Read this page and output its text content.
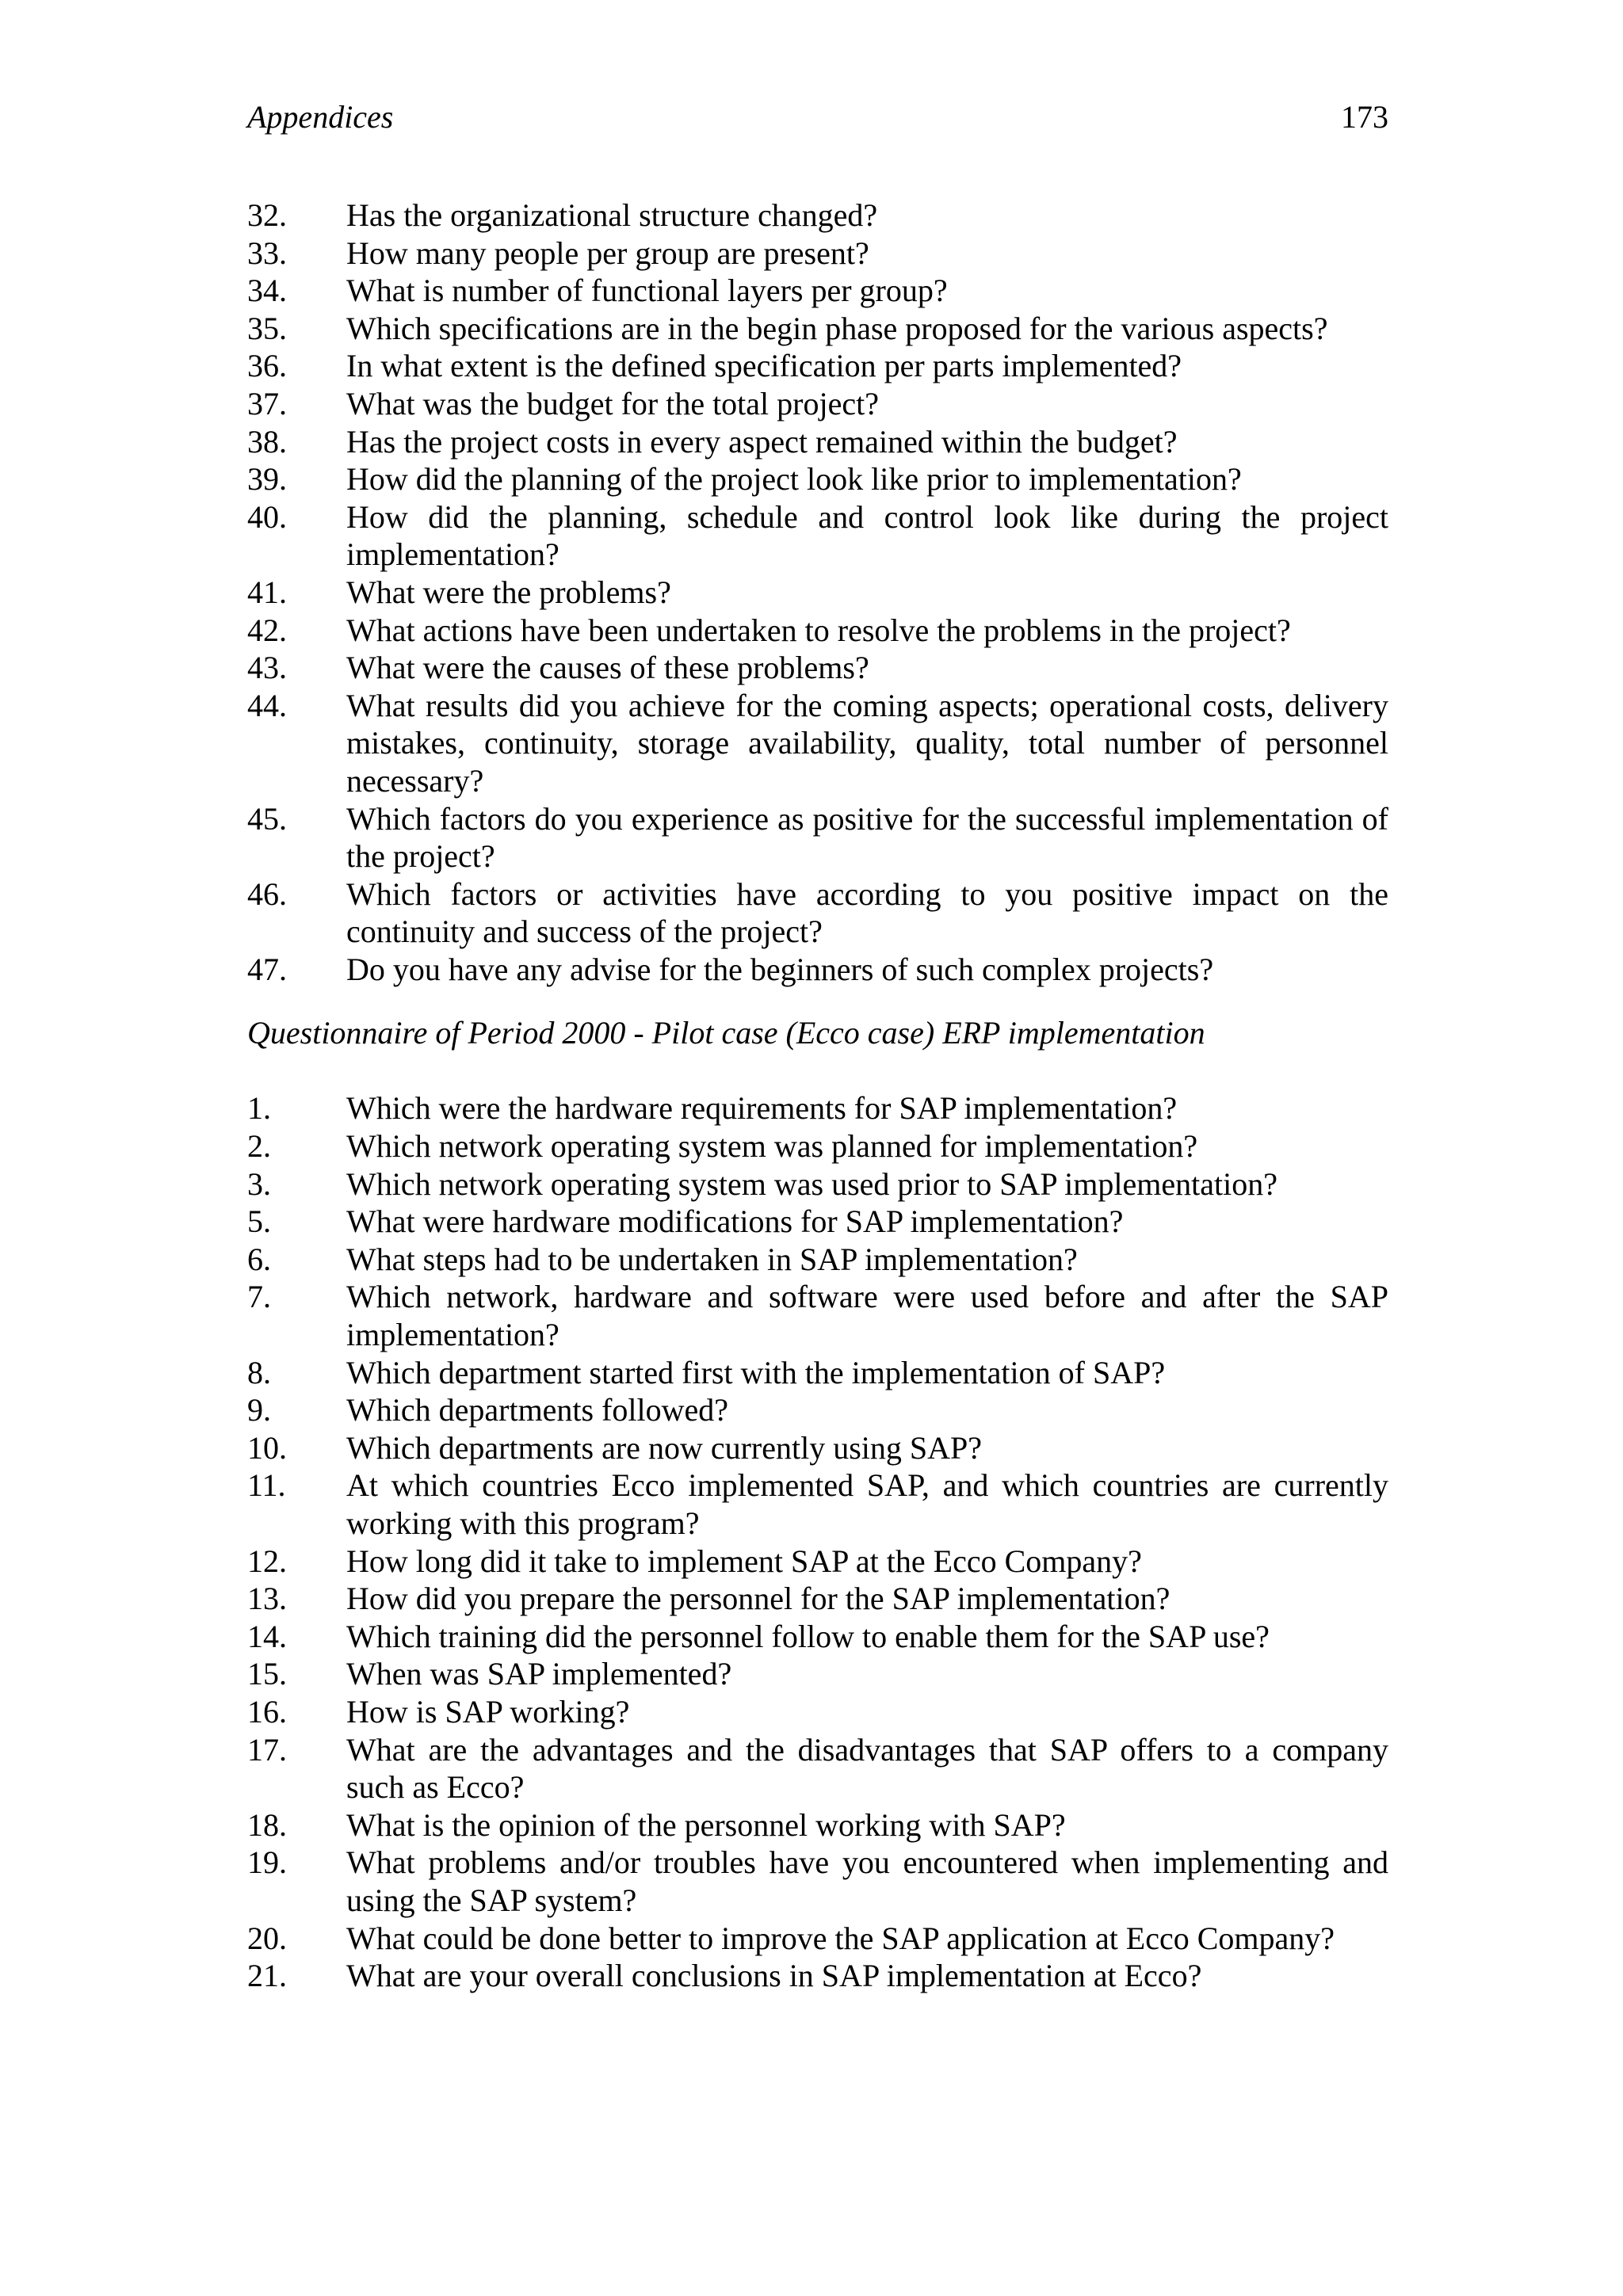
Appendices	173
32.	Has the organizational structure changed?
33.	How many people per group are present?
34.	What is number of functional layers per group?
35.	Which specifications are in the begin phase proposed for the various aspects?
36.	In what extent is the defined specification per parts implemented?
37.	What was the budget for the total project?
38.	Has the project costs in every aspect remained within the budget?
39.	How did the planning of the project look like prior to implementation?
40.	How did the planning, schedule and control look like during the project implementation?
41.	What were the problems?
42.	What actions have been undertaken to resolve the problems in the project?
43.	What were the causes of these problems?
44.	What results did you achieve for the coming aspects; operational costs, delivery mistakes, continuity, storage availability, quality, total number of personnel necessary?
45.	Which factors do you experience as positive for the successful implementation of the project?
46.	Which factors or activities have according to you positive impact on the continuity and success of the project?
47.	Do you have any advise for the beginners of such complex projects?
Questionnaire of Period 2000 - Pilot case (Ecco case) ERP implementation
1.	Which were the hardware requirements for SAP implementation?
2.	Which network operating system was planned for implementation?
3.	Which network operating system was used prior to SAP implementation?
5.	What were hardware modifications for SAP implementation?
6.	What steps had to be undertaken in SAP implementation?
7.	Which network, hardware and software were used before and after the SAP implementation?
8.	Which department started first with the implementation of SAP?
9.	Which departments followed?
10.	Which departments are now currently using SAP?
11.	At which countries Ecco implemented SAP, and which countries are currently working with this program?
12.	How long did it take to implement SAP at the Ecco Company?
13.	How did you prepare the personnel for the SAP implementation?
14.	Which training did the personnel follow to enable them for the SAP use?
15.	When was SAP implemented?
16.	How is SAP working?
17.	What are the advantages and the disadvantages that SAP offers to a company such as Ecco?
18.	What is the opinion of the personnel working with SAP?
19.	What problems and/or troubles have you encountered when implementing and using the SAP system?
20.	What could be done better to improve the SAP application at Ecco Company?
21.	What are your overall conclusions in SAP implementation at Ecco?
